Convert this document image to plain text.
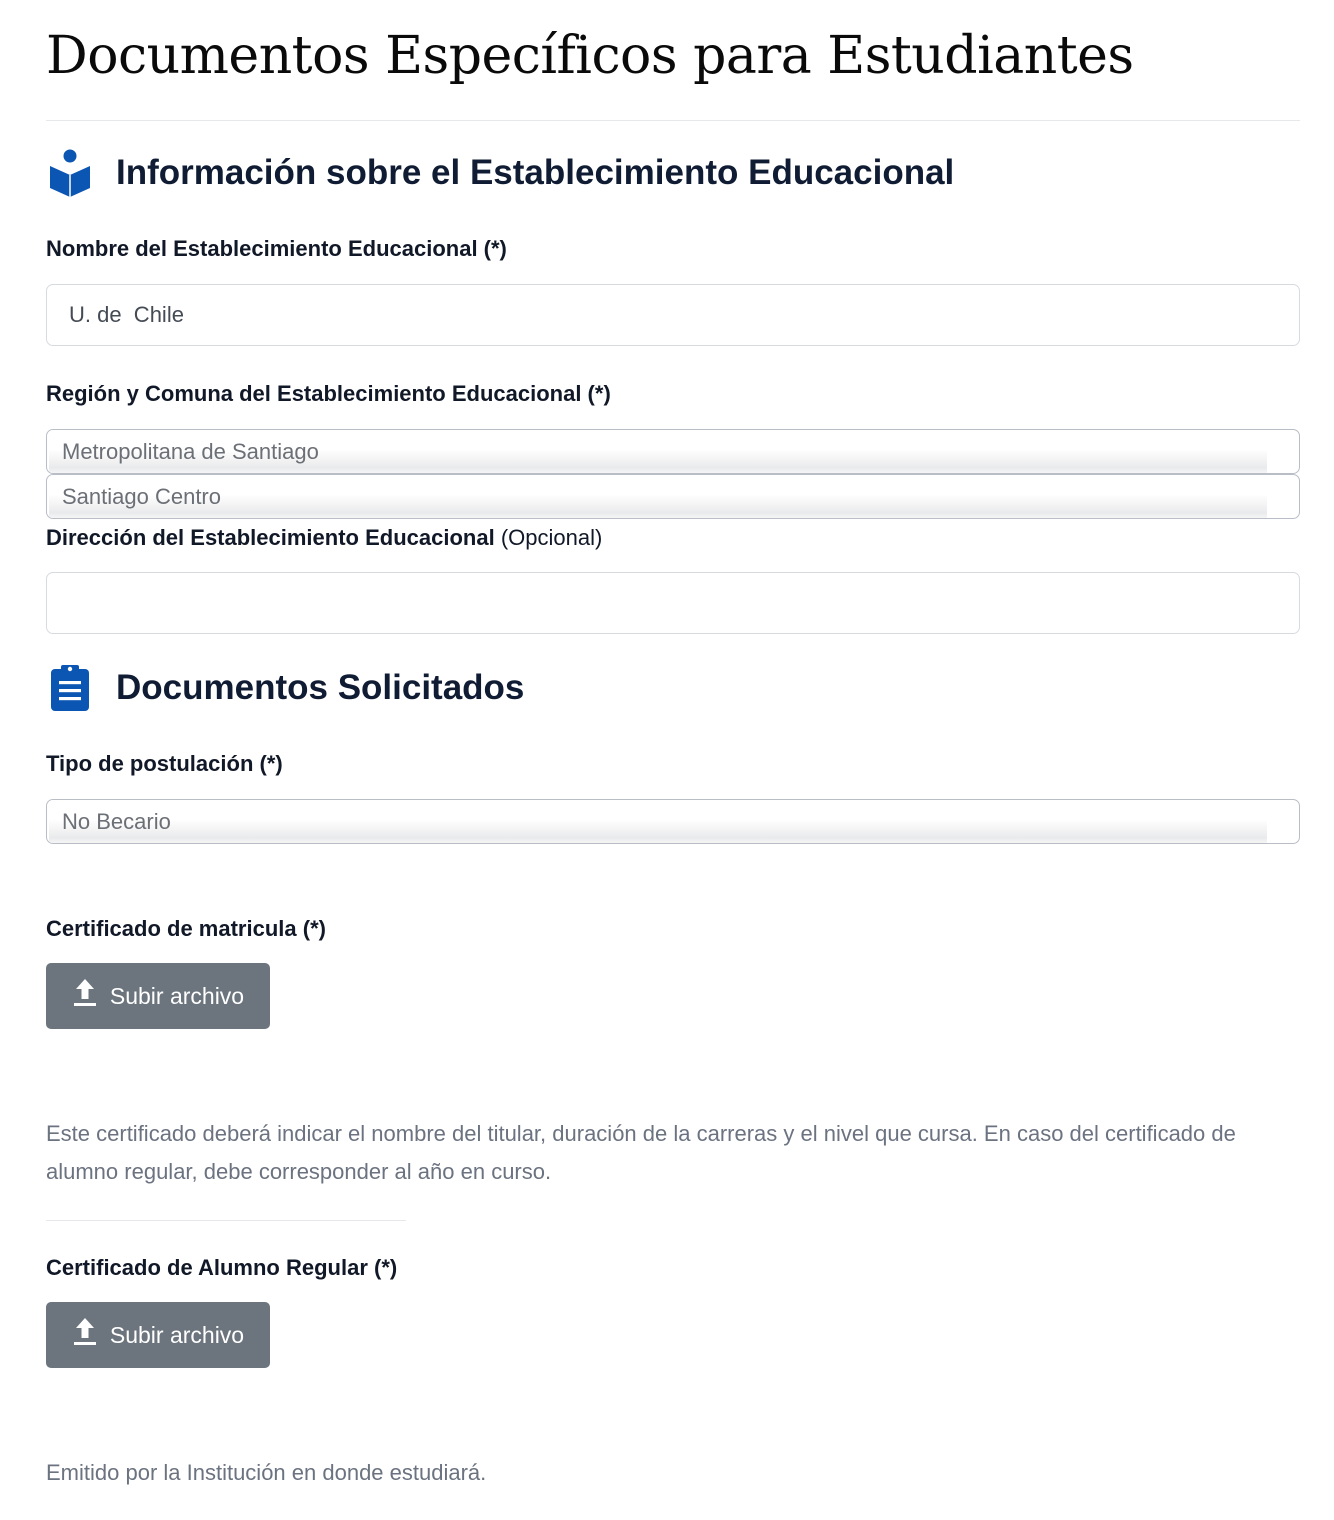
Documentos Específicos para Estudiantes
Información sobre el Establecimiento Educacional
Nombre del Establecimiento Educacional (*)
U. de Chile
Región y Comuna del Establecimiento Educacional (*)
Metropolitana de Santiago
Santiago Centro
Dirección del Establecimiento Educacional (Opcional)
Documentos Solicitados
Tipo de postulación (*)
No Becario
Certificado de matricula (*)
Subir archivo

Este certificado deberá indicar el nombre del titular, duración de la carreras y el nivel que cursa. En caso del certificado de alumno regular, debe corresponder al año en curso.

Certificado de Alumno Regular (*)
Subir archivo

Emitido por la Institución en donde estudiará.
